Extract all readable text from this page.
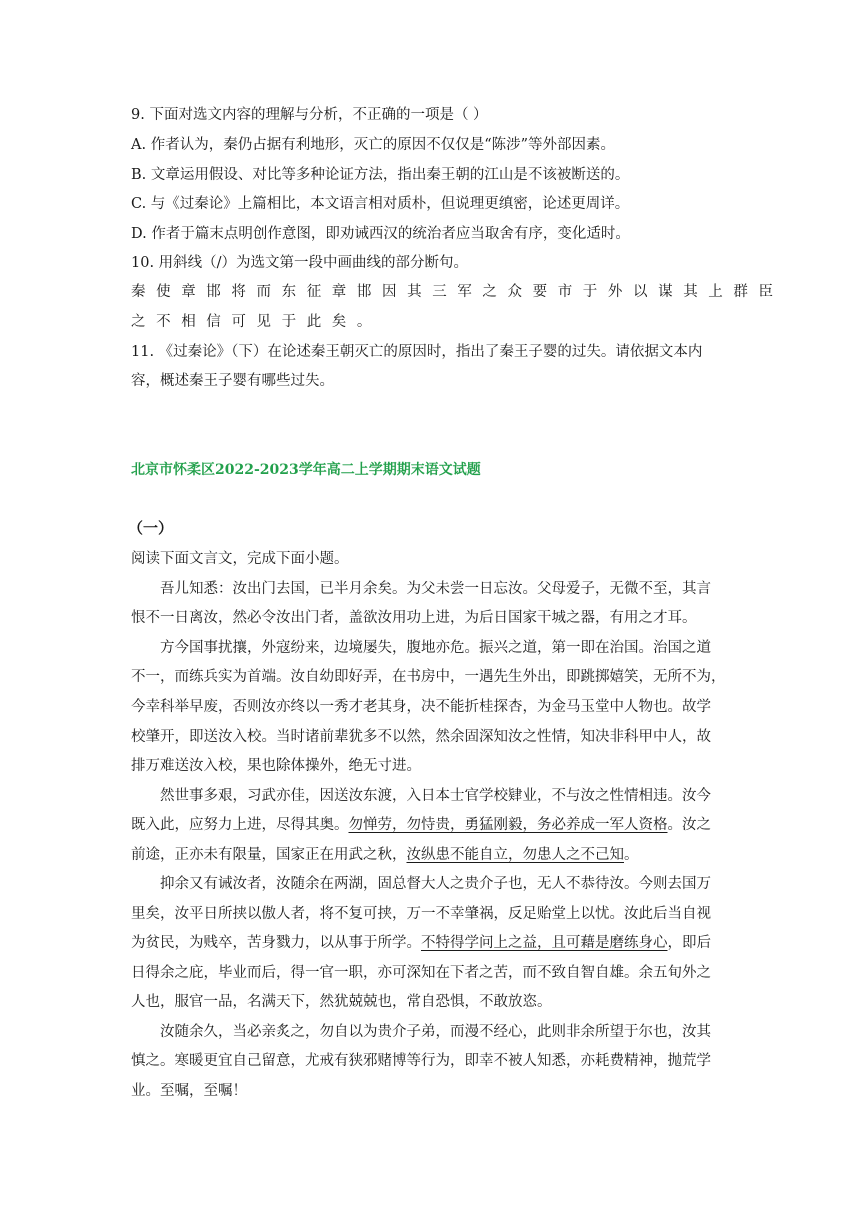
9. 下面对选文内容的理解与分析，不正确的一项是（ ）
A. 作者认为，秦仍占据有利地形，灭亡的原因不仅仅是“陈涉”等外部因素。
B. 文章运用假设、对比等多种论证方法，指出秦王朝的江山是不该被断送的。
C. 与《过秦论》上篇相比，本文语言相对质朴，但说理更缜密，论述更周详。
D. 作者于篇末点明创作意图，即劝诫西汉的统治者应当取舍有序，变化适时。
10. 用斜线（/）为选文第一段中画曲线的部分断句。
秦使章邯将而东征章邯因其三军之众要市于外以谋其上群臣
之不相信可见于此矣。
11. 《过秦论》（下）在论述秦王朝灭亡的原因时，指出了秦王子婴的过失。请依据文本内
容，概述秦王子婴有哪些过失。
北京市怀柔区2022-2023学年高二上学期期末语文试题
（一）
阅读下面文言文，完成下面小题。
吾儿知悉：汝出门去国，已半月余矣。为父未尝一日忘汝。父母爱子，无微不至，其言
恨不一日离汝，然必令汝出门者，盖欲汝用功上进，为后日国家干城之器，有用之才耳。
方今国事扰攘，外寇纷来，边境屡失，腹地亦危。振兴之道，第一即在治国。治国之道
不一，而练兵实为首端。汝自幼即好弄，在书房中，一遇先生外出，即跳掷嬉笑，无所不为，
今幸科举早废，否则汝亦终以一秀才老其身，决不能折桂探杏，为金马玉堂中人物也。故学
校肇开，即送汝入校。当时诸前辈犹多不以然，然余固深知汝之性情，知决非科甲中人，故
排万难送汝入校，果也除体操外，绝无寸进。
然世事多艰，习武亦佳，因送汝东渡，入日本士官学校肄业，不与汝之性情相违。汝今
既入此，应努力上进，尽得其奥。勿惮劳，勿恃贵，勇猛刚毅，务必养成一军人资格。汝之
前途，正亦未有限量，国家正在用武之秋，汝纵患不能自立，勿患人之不己知。
抑余又有诫汝者，汝随余在两湖，固总督大人之贵介子也，无人不恭待汝。今则去国万
里矣，汝平日所挟以傲人者，将不复可挟，万一不幸肇祸，反足贻堂上以忧。汝此后当自视
为贫民，为贱卒，苦身戮力，以从事于所学。不特得学问上之益，且可藉是磨练身心，即后
日得余之庇，毕业而后，得一官一职，亦可深知在下者之苦，而不致自智自雄。余五旬外之
人也，服官一品，名满天下，然犹兢兢也，常自恐惧，不敢放恣。
汝随余久，当必亲炙之，勿自以为贵介子弟，而漫不经心，此则非余所望于尔也，汝其
慎之。寒暖更宜自己留意，尤戒有狭邪赌博等行为，即幸不被人知悉，亦耗费精神，抛荒学
业。至嘱，至嘱！
